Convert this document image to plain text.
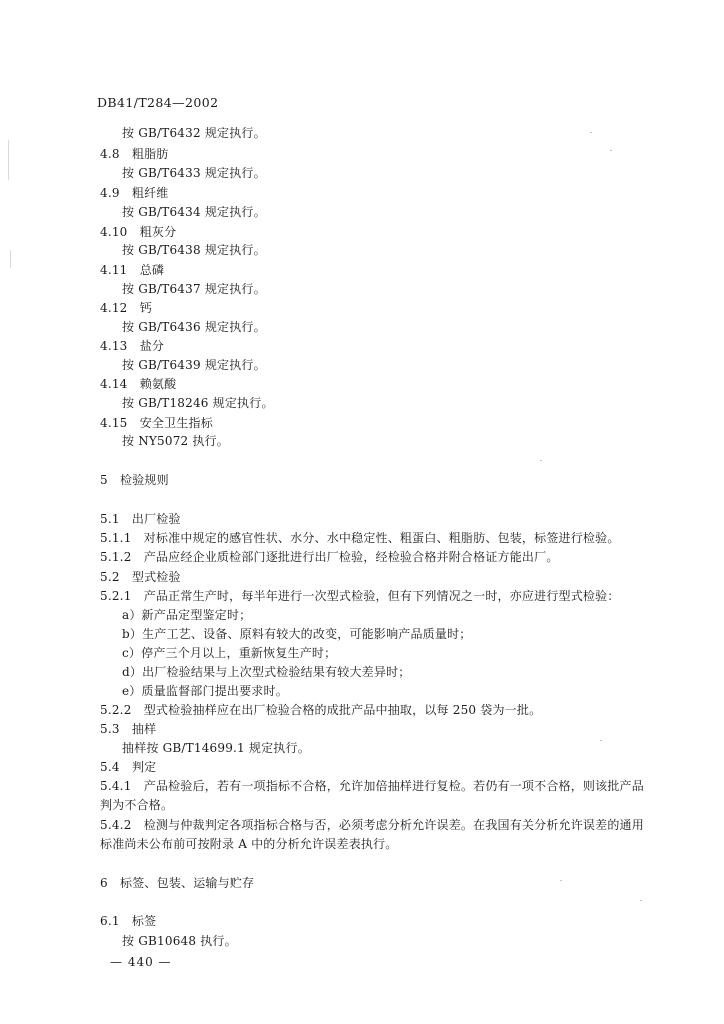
DB41/T284—2002
按 GB/T6432 规定执行。
4.8　粗脂肪
按 GB/T6433 规定执行。
4.9　粗纤维
按 GB/T6434 规定执行。
4.10　粗灰分
按 GB/T6438 规定执行。
4.11　总磷
按 GB/T6437 规定执行。
4.12　钙
按 GB/T6436 规定执行。
4.13　盐分
按 GB/T6439 规定执行。
4.14　赖氨酸
按 GB/T18246 规定执行。
4.15　安全卫生指标
按 NY5072 执行。
5　检验规则
5.1　出厂检验
5.1.1　对标准中规定的感官性状、水分、水中稳定性、粗蛋白、粗脂肪、包装，标签进行检验。
5.1.2　产品应经企业质检部门逐批进行出厂检验，经检验合格并附合格证方能出厂。
5.2　型式检验
5.2.1　产品正常生产时，每半年进行一次型式检验，但有下列情况之一时，亦应进行型式检验：
a）新产品定型鉴定时；
b）生产工艺、设备、原料有较大的改变，可能影响产品质量时；
c）停产三个月以上，重新恢复生产时；
d）出厂检验结果与上次型式检验结果有较大差异时；
e）质量监督部门提出要求时。
5.2.2　型式检验抽样应在出厂检验合格的成批产品中抽取，以每 250 袋为一批。
5.3　抽样
抽样按 GB/T14699.1 规定执行。
5.4　判定
5.4.1　产品检验后，若有一项指标不合格，允许加倍抽样进行复检。若仍有一项不合格，则该批产品
判为不合格。
5.4.2　检测与仲裁判定各项指标合格与否，必须考虑分析允许误差。在我国有关分析允许误差的通用
标准尚未公布前可按附录 A 中的分析允许误差表执行。
6　标签、包装、运输与贮存
6.1　标签
按 GB10648 执行。
— 440 —
